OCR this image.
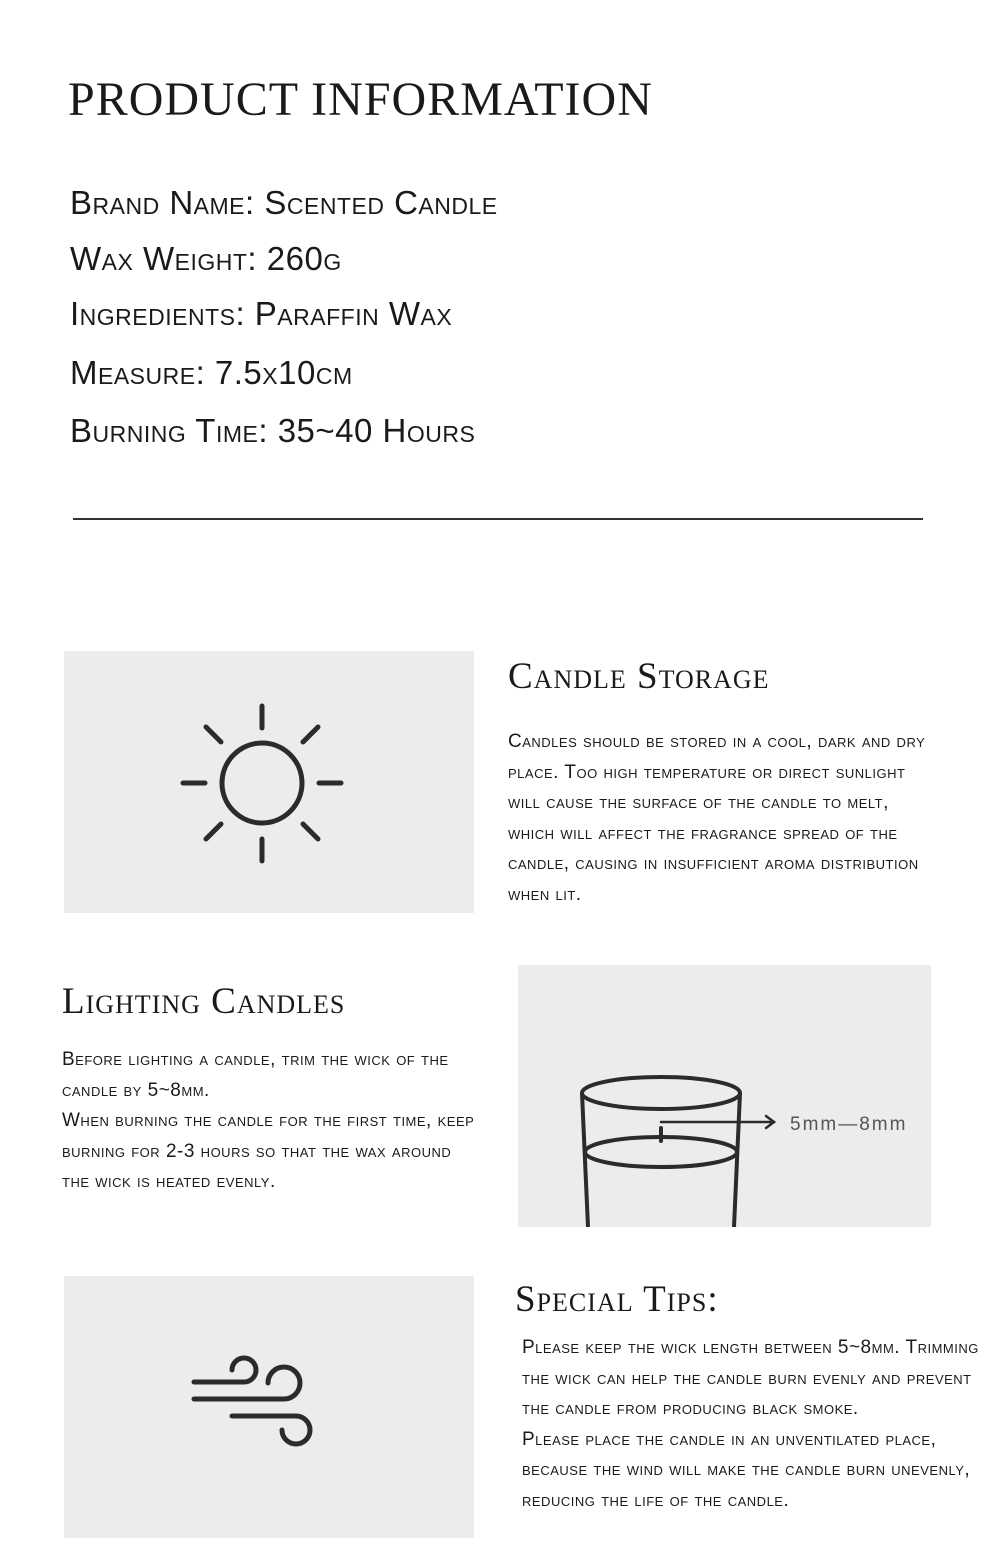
PRODUCT INFORMATION
Brand Name: Scented Candle
Wax Weight: 260g
Ingredients: Paraffin Wax
Measure: 7.5x10cm
Burning Time: 35~40 Hours
Candle Storage

Candles should be stored in a cool, dark and dry place. Too high temperature or direct sunlight will cause the surface of the candle to melt, which will affect the fragrance spread of the candle, causing in insufficient aroma distribution when lit.

Lighting Candles

Before lighting a candle, trim the wick of the candle by 5~8mm.

When burning the candle for the first time, keep burning for 2-3 hours so that the wax around the wick is heated evenly.

5mm—8mm
Special Tips:

Please keep the wick length between 5~8mm. Trimming the wick can help the candle burn evenly and prevent the candle from producing black smoke.

Please place the candle in an unventilated place, because the wind will make the candle burn unevenly, reducing the life of the candle.
